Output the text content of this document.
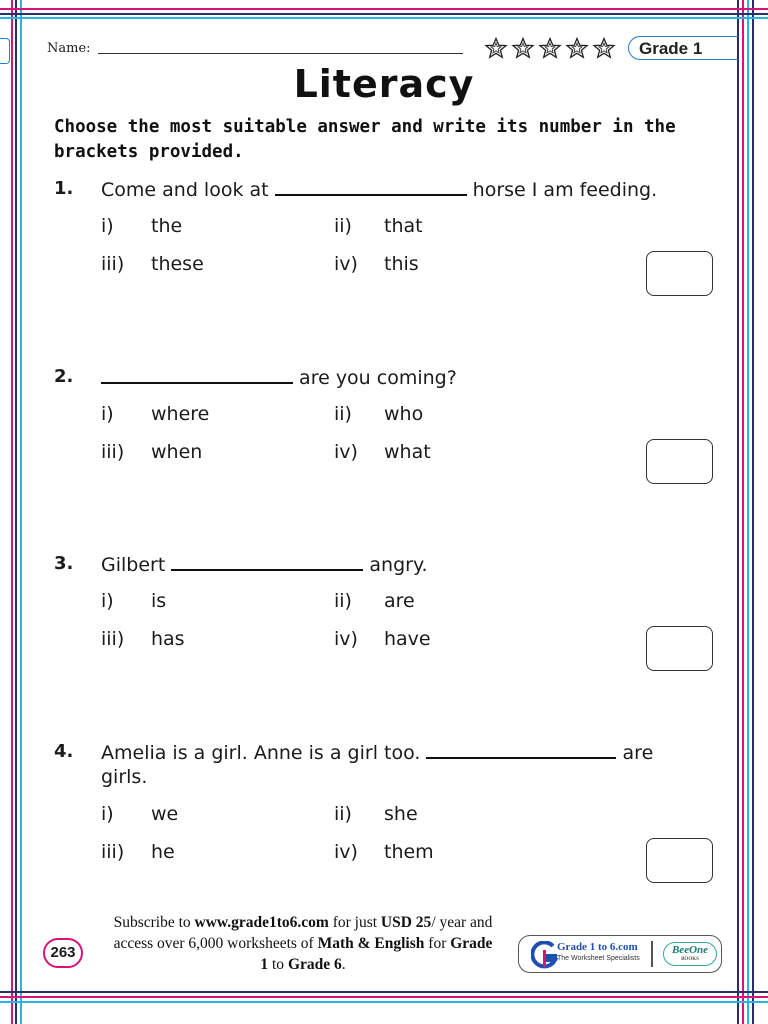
Name:	Grade 1
Literacy
Choose the most suitable answer and write its number in the brackets provided.
1. Come and look at	horse I am feeding.
i) the	ii) that
iii) these	iv) this
2.	are you coming?
i) where	ii) who
iii) when	iv) what
3. Gilbert	angry.
i) is	ii) are
iii) has	iv) have
4. Amelia is a girl. Anne is a girl too.	are
girls.
i) we	ii) she
iii) he	iv) them
263
Subscribe to www.grade1to6.com for just USD 25/ year and access over 6,000 worksheets of Math & English for Grade 1 to Grade 6.
Grade 1 to 6.com
The Worksheet Specialists
BeeOne
BOOKS
